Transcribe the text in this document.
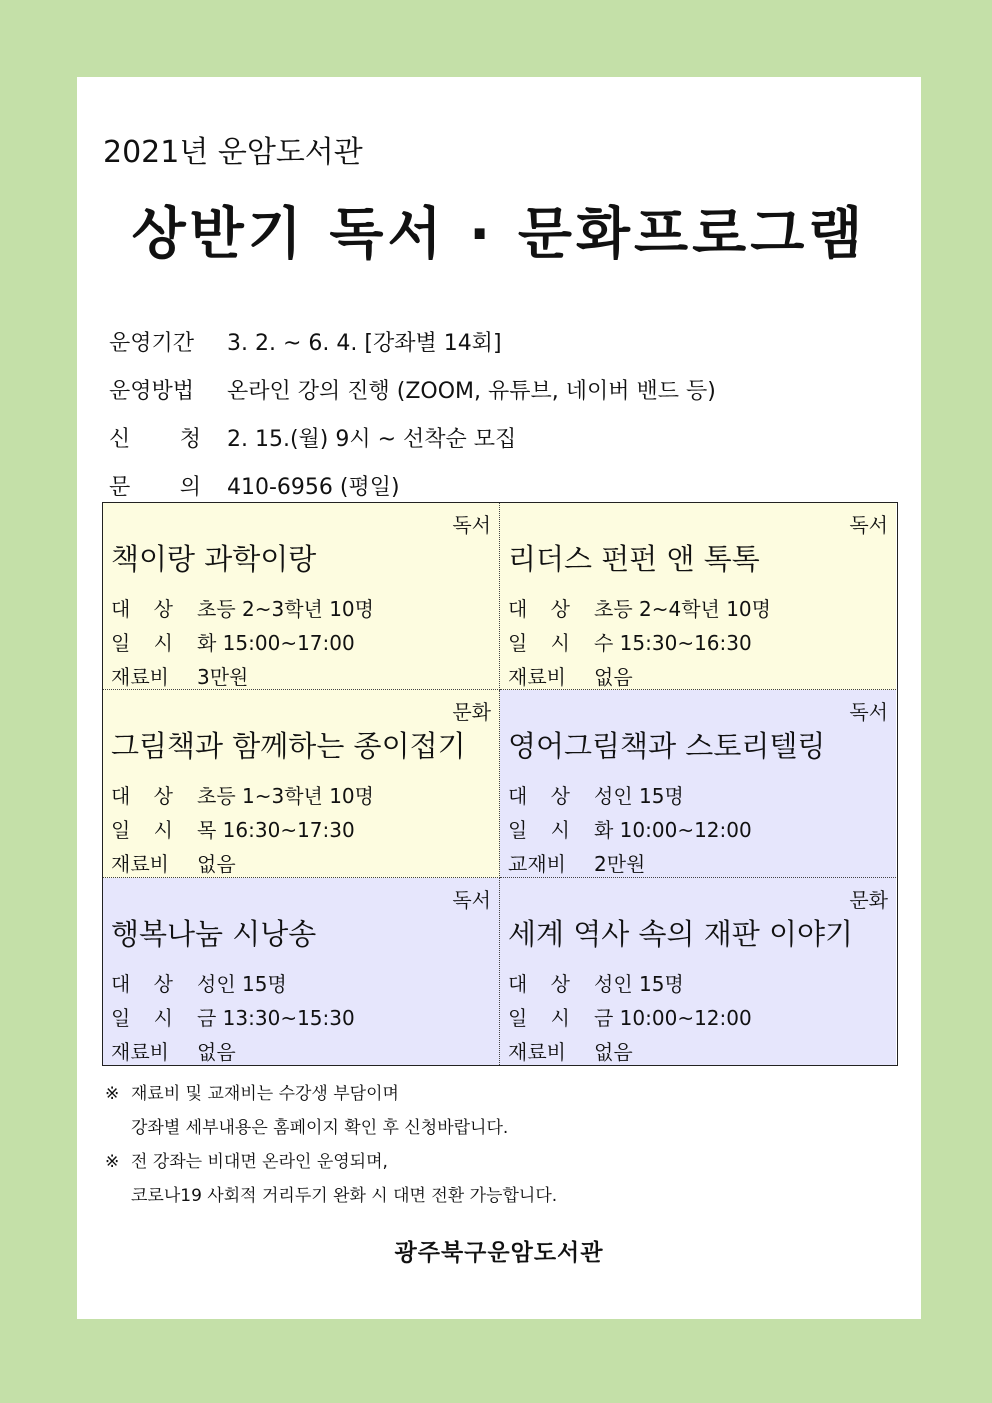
2021년 운암도서관
상반기 독서 · 문화프로그램
운영기간	3. 2. ~ 6. 4. [강좌별 14회]
운영방법	온라인 강의 진행 (ZOOM, 유튜브, 네이버 밴드 등)
신 청 2. 15.(월) 9시 ~ 선착순 모집
문 의 410-6956 (평일)
독서
책이랑 과학이랑
대 상 초등 2~3학년 10명
일 시 화 15:00~17:00
재료비	3만원
독서
리더스 펀펀 앤 톡톡
대 상 초등 2~4학년 10명
일 시 수 15:30~16:30
재료비	없음
문화
그림책과 함께하는 종이접기
대 상 초등 1~3학년 10명
일 시 목 16:30~17:30
재료비	없음
독서
영어그림책과 스토리텔링
대 상 성인 15명
일 시 화 10:00~12:00
교재비	2만원
독서
행복나눔 시낭송
대 상 성인 15명
일 시 금 13:30~15:30
재료비	없음
문화
세계 역사 속의 재판 이야기
대 상 성인 15명
일 시 금 10:00~12:00
재료비	없음
※ 재료비 및 교재비는 수강생 부담이며
강좌별 세부내용은 홈페이지 확인 후 신청바랍니다.
※ 전 강좌는 비대면 온라인 운영되며,
코로나19 사회적 거리두기 완화 시 대면 전환 가능합니다.
광주북구운암도서관
